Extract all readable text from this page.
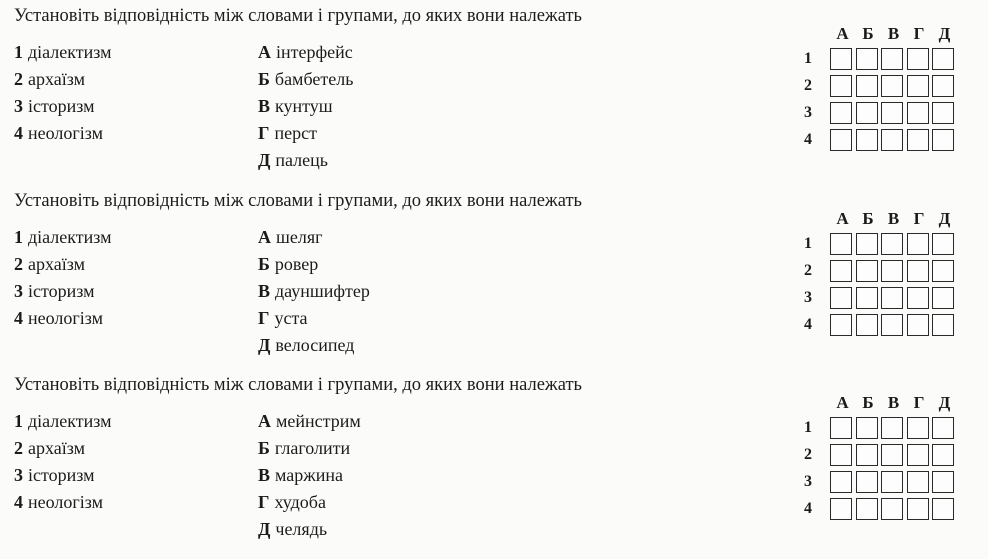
Установіть відповідність між словами і групами, до яких вони належать
1 діалектизм
2 архаїзм
3 історизм
4 неологізм
А інтерфейс
Б бамбетель
В кунтуш
Г перст
Д палець
А Б В Г Д
1
2
3
4
Установіть відповідність між словами і групами, до яких вони належать
1 діалектизм
2 архаїзм
3 історизм
4 неологізм
А шеляг
Б ровер
В дауншифтер
Г уста
Д велосипед
А Б В Г Д
1
2
3
4
Установіть відповідність між словами і групами, до яких вони належать
1 діалектизм
2 архаїзм
3 історизм
4 неологізм
А мейнстрим
Б глаголити
В маржина
Г худоба
Д челядь
А Б В Г Д
1
2
3
4
